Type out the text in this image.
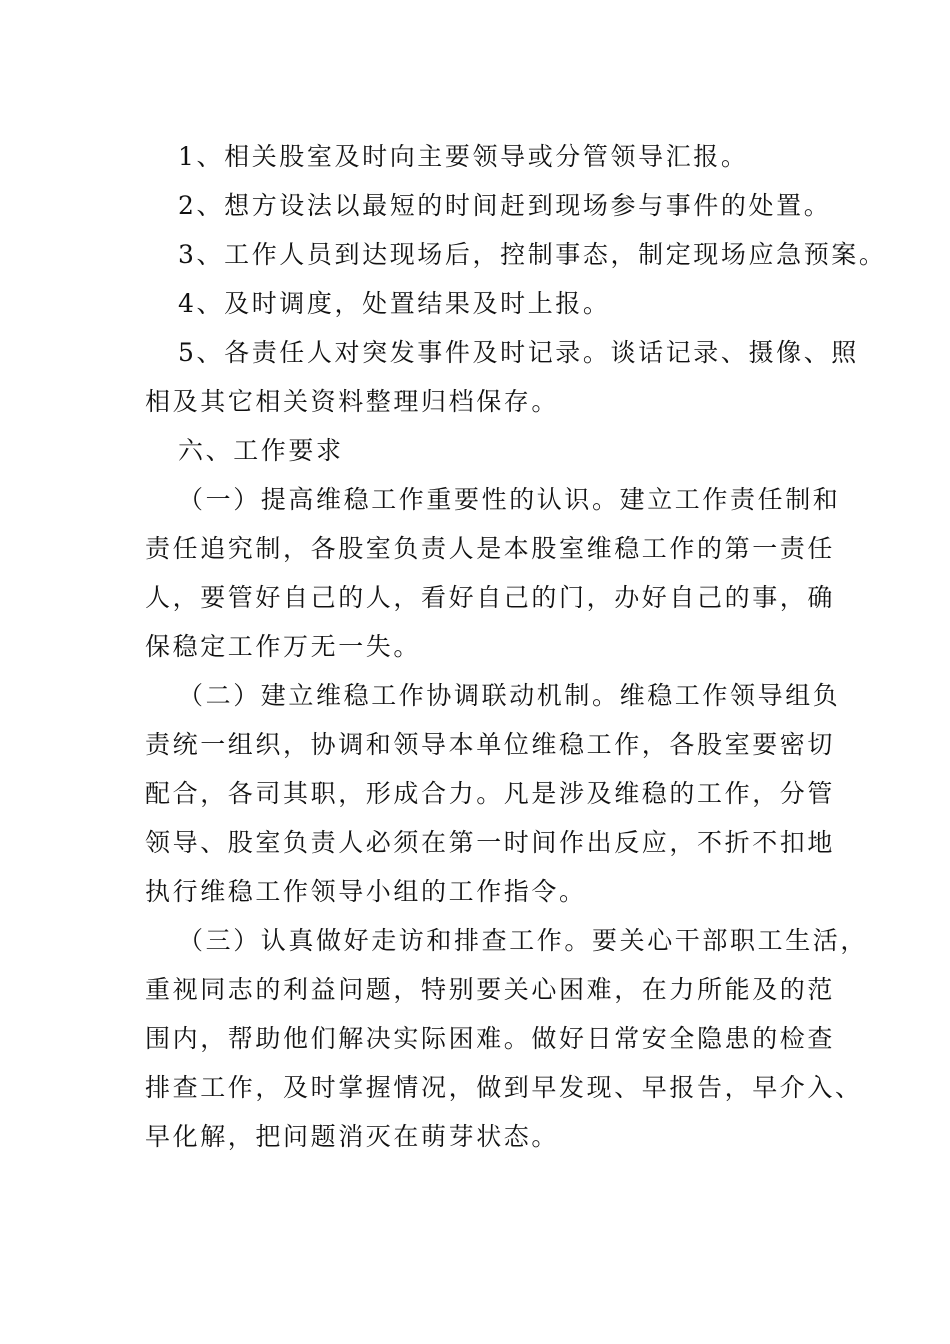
1、相关股室及时向主要领导或分管领导汇报。

2、想方设法以最短的时间赶到现场参与事件的处置。

3、工作人员到达现场后，控制事态，制定现场应急预案。

4、及时调度，处置结果及时上报。

5、各责任人对突发事件及时记录。谈话记录、摄像、照

相及其它相关资料整理归档保存。

六、工作要求

（一）提高维稳工作重要性的认识。建立工作责任制和

责任追究制，各股室负责人是本股室维稳工作的第一责任

人，要管好自己的人，看好自己的门，办好自己的事，确

保稳定工作万无一失。

（二）建立维稳工作协调联动机制。维稳工作领导组负

责统一组织，协调和领导本单位维稳工作，各股室要密切

配合，各司其职，形成合力。凡是涉及维稳的工作，分管

领导、股室负责人必须在第一时间作出反应，不折不扣地

执行维稳工作领导小组的工作指令。

（三）认真做好走访和排查工作。要关心干部职工生活，

重视同志的利益问题，特别要关心困难，在力所能及的范

围内，帮助他们解决实际困难。做好日常安全隐患的检查

排查工作，及时掌握情况，做到早发现、早报告，早介入、

早化解，把问题消灭在萌芽状态。
